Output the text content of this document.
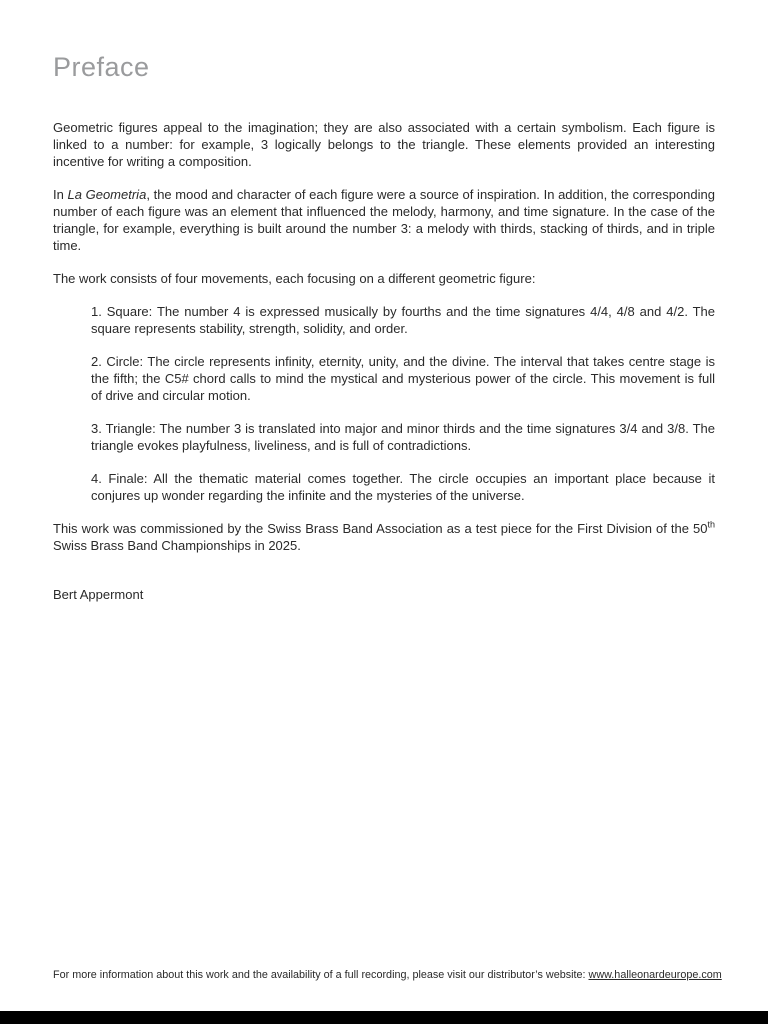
Preface

Geometric figures appeal to the imagination; they are also associated with a certain symbolism. Each figure is linked to a number: for example, 3 logically belongs to the triangle. These elements provided an interesting incentive for writing a composition.

In La Geometria, the mood and character of each figure were a source of inspiration. In addition, the corresponding number of each figure was an element that influenced the melody, harmony, and time signature. In the case of the triangle, for example, everything is built around the number 3: a melody with thirds, stacking of thirds, and in triple time.

The work consists of four movements, each focusing on a different geometric figure:

1. Square: The number 4 is expressed musically by fourths and the time signatures 4/4, 4/8 and 4/2. The square represents stability, strength, solidity, and order.

2. Circle: The circle represents infinity, eternity, unity, and the divine. The interval that takes centre stage is the fifth; the C5# chord calls to mind the mystical and mysterious power of the circle. This movement is full of drive and circular motion.

3. Triangle: The number 3 is translated into major and minor thirds and the time signatures 3/4 and 3/8. The triangle evokes playfulness, liveliness, and is full of contradictions.

4. Finale: All the thematic material comes together. The circle occupies an important place because it conjures up wonder regarding the infinite and the mysteries of the universe.

This work was commissioned by the Swiss Brass Band Association as a test piece for the First Division of the 50th Swiss Brass Band Championships in 2025.

Bert Appermont

For more information about this work and the availability of a full recording, please visit our distributor’s website: www.halleonardeurope.com
